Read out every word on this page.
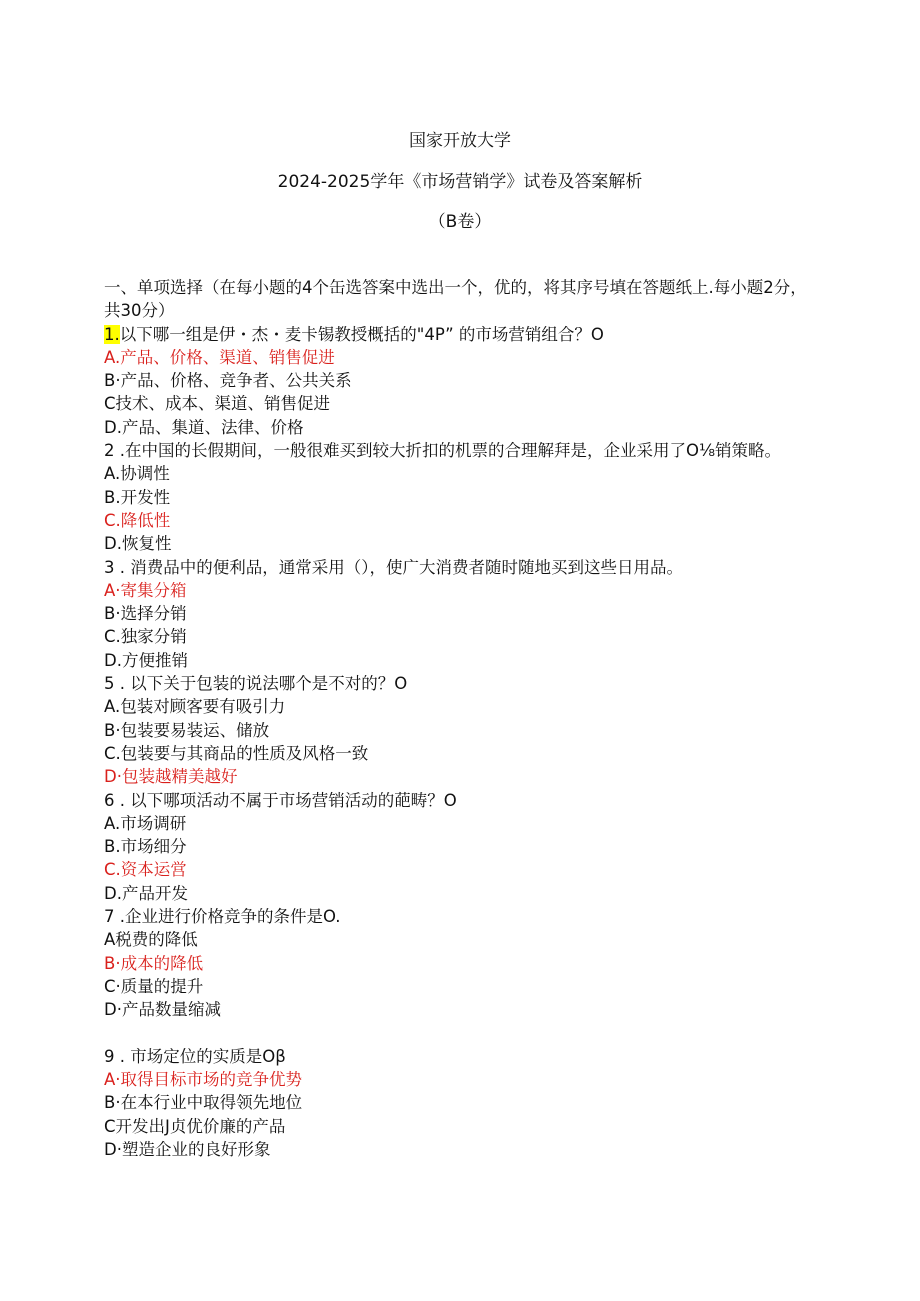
国家开放大学
2024-2025学年《市场营销学》试卷及答案解析
（B卷）
一、单项选择（在每小题的4个缶选答案中选出一个，优的，将其序号填在答题纸上.每小题2分，共30分）
1.以下哪一组是伊・杰・麦卡锡教授概括的"4P” 的市场营销组合？O
A.产品、价格、渠道、销售促进
B·产品、价格、竞争者、公共关系
C技术、成本、渠道、销售促进
D.产品、集道、法律、价格
2 .在中国的长假期间，一般很难买到较大折扣的机票的合理解拜是，企业采用了O⅛销策略。
A.协调性
B.开发性
C.降低性
D.恢复性
3 . 消费品中的便利品，通常采用（），使广大消费者随时随地买到这些日用品。
A·寄集分箱
B·选择分销
C.独家分销
D.方便推销
5 . 以下关于包装的说法哪个是不对的？O
A.包装对顾客要有吸引力
B·包装要易装运、储放
C.包装要与其商品的性质及风格一致
D·包装越精美越好
6 . 以下哪项活动不属于市场营销活动的葩畴？O
A.市场调研
B.市场细分
C.资本运営
D.产品开发
7 .企业进行价格竞争的条件是O.
A税费的降低
B·成本的降低
C·质量的提升
D·产品数量缩减
9 . 市场定位的实质是Oβ
A·取得目标市场的竞争优势
B·在本行业中取得领先地位
C开发出J贞优价廉的产品
D·塑造企业的良好形象
